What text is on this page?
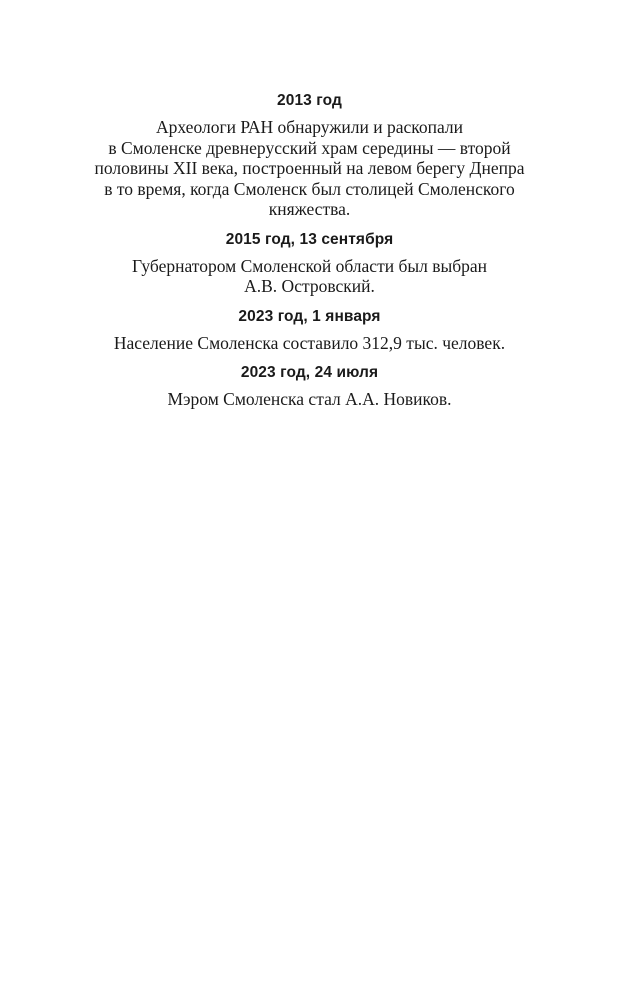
2013 год

Археологи РАН обнаружили и раскопали
в Смоленске древнерусский храм середины — второй
половины XII века, построенный на левом берегу Днепра
в то время, когда Смоленск был столицей Смоленского
княжества.

2015 год, 13 сентября

Губернатором Смоленской области был выбран
А.В. Островский.

2023 год, 1 января

Население Смоленска составило 312,9 тыс. человек.

2023 год, 24 июля

Мэром Смоленска стал А.А. Новиков.
